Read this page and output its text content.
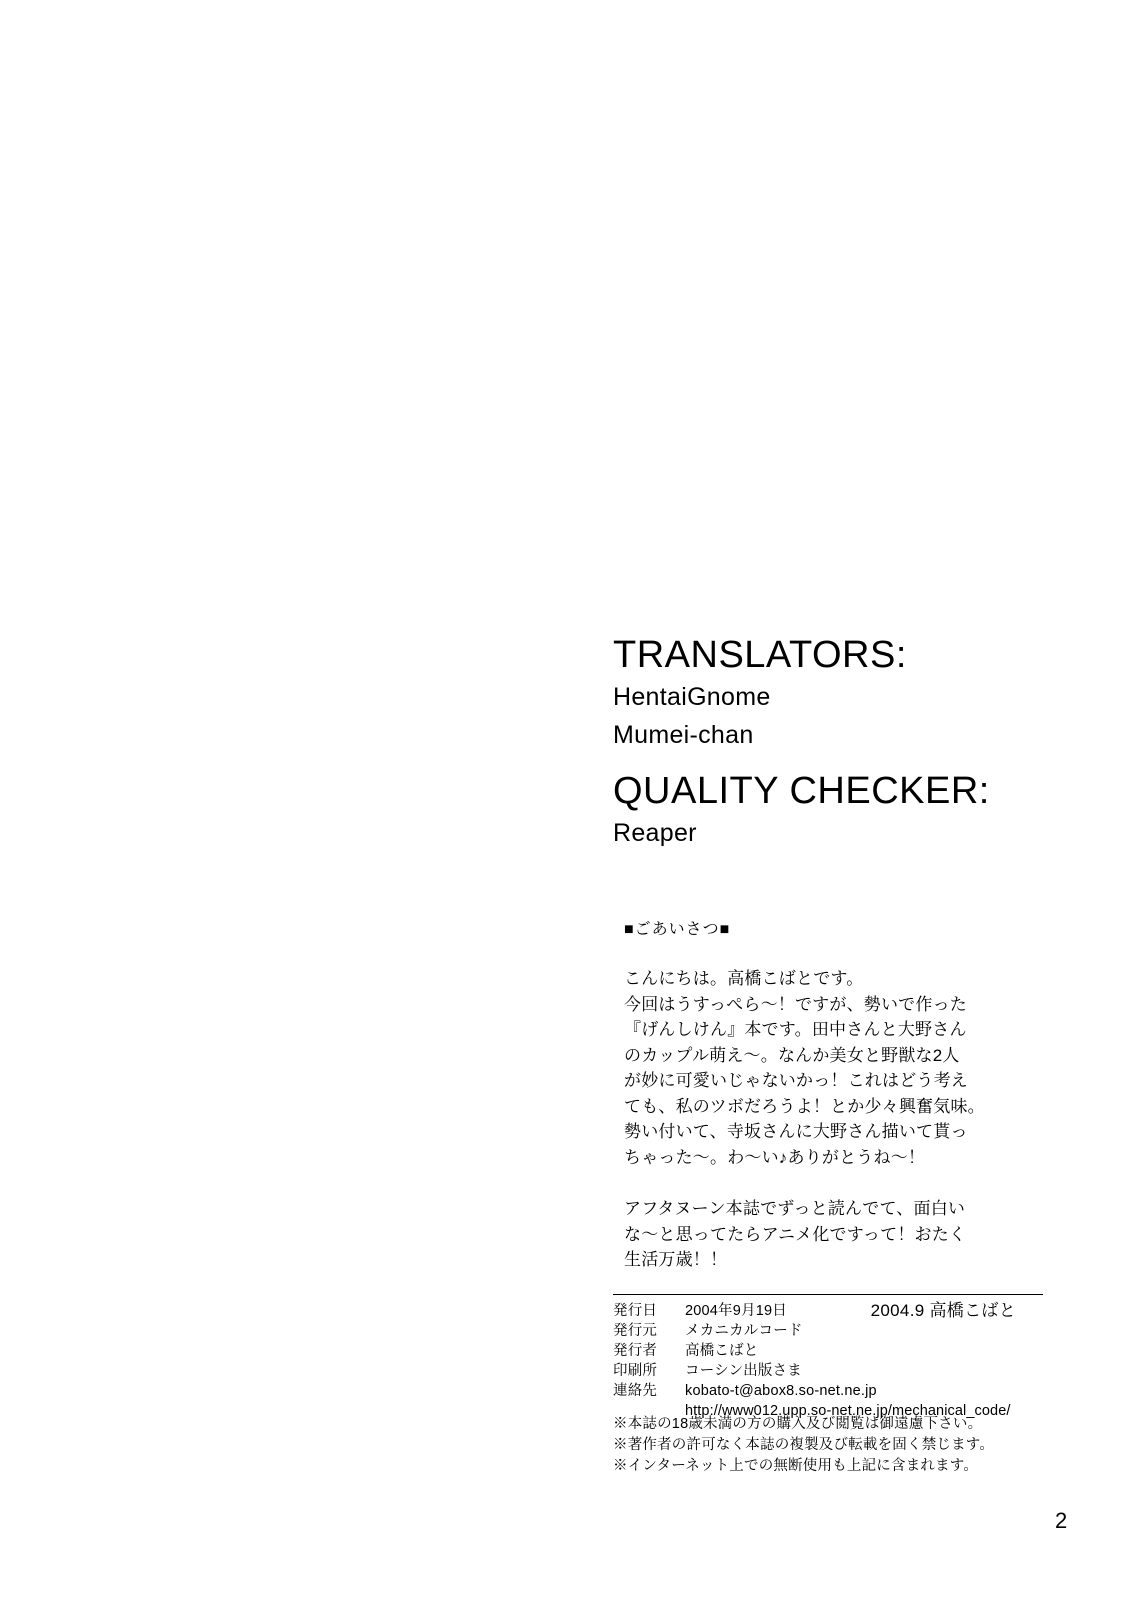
TRANSLATORS:
HentaiGnome
Mumei-chan
QUALITY CHECKER:
Reaper
■ごあいさつ■

こんにちは。高橋こばとです。

今回はうすっぺら〜！ですが、勢いで作った

『げんしけん』本です。田中さんと大野さん

のカップル萌え〜。なんか美女と野獣な2人

が妙に可愛いじゃないかっ！これはどう考え

ても、私のツボだろうよ！とか少々興奮気味。

勢い付いて、寺坂さんに大野さん描いて貰っ

ちゃった〜。わ〜い♪ありがとうね〜！

アフタヌーン本誌でずっと読んでて、面白い

な〜と思ってたらアニメ化ですって！おたく

生活万歳！！

2004.9 高橋こばと
発行日	2004年9月19日
発行元	メカニカルコード
発行者	高橋こばと
印刷所	コーシン出版さま
連絡先	kobato-t@abox8.so-net.ne.jp
http://www012.upp.so-net.ne.jp/mechanical_code/

※本誌の18歳未満の方の購入及び閲覧は御遠慮下さい。

※著作者の許可なく本誌の複製及び転載を固く禁じます。

※インターネット上での無断使用も上記に含まれます。

2
